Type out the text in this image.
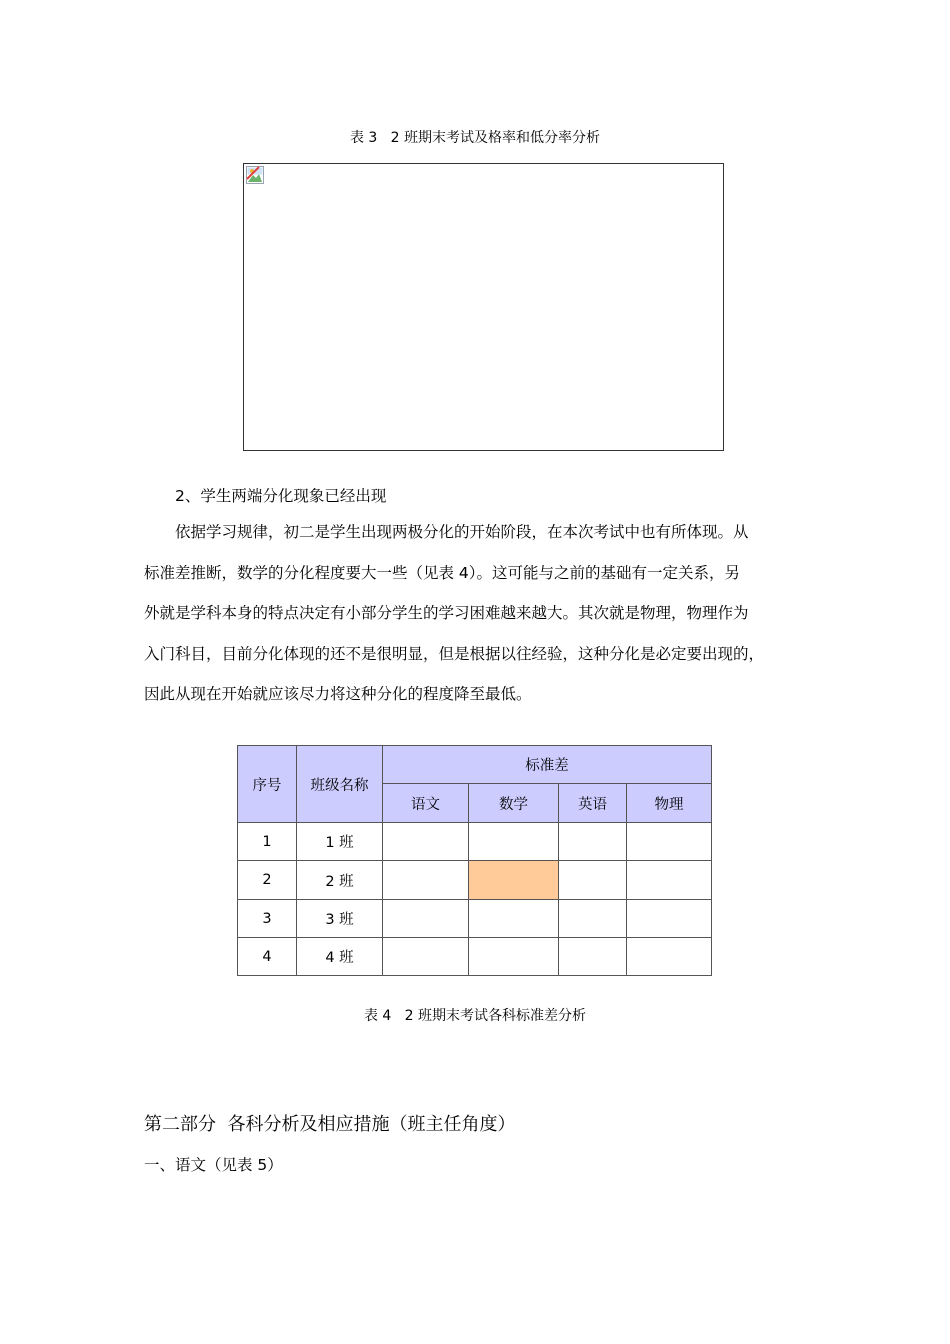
表 3   2 班期末考试及格率和低分率分析
2、学生两端分化现象已经出现
依据学习规律，初二是学生出现两极分化的开始阶段，在本次考试中也有所体现。从
标准差推断，数学的分化程度要大一些（见表 4）。这可能与之前的基础有一定关系，另
外就是学科本身的特点决定有小部分学生的学习困难越来越大。其次就是物理，物理作为
入门科目，目前分化体现的还不是很明显，但是根据以往经验，这种分化是必定要出现的，
因此从现在开始就应该尽力将这种分化的程度降至最低。
序号	班级名称	标准差			
		语文	数学	英语	物理
1	1 班				
2	2 班				
3	3 班				
4	4 班				
表 4   2 班期末考试各科标准差分析
第二部分  各科分析及相应措施（班主任角度）
一、语文（见表 5）
